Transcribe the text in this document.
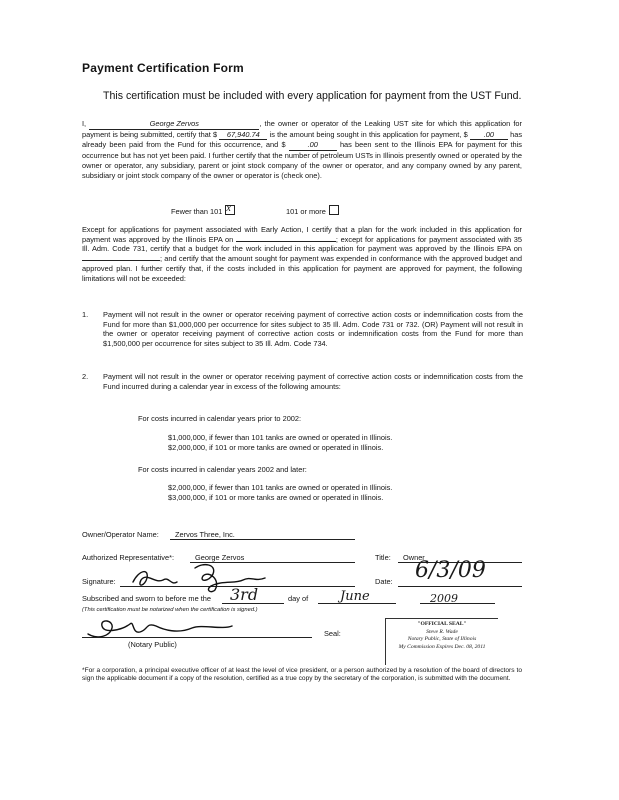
Payment Certification Form
This certification must be included with every application for payment from the UST Fund.

I,	George Zervos	, the owner or operator of the Leaking UST site for which this application for payment is being submitted, certify that $ 67,940.74 is the amount being sought in this application for payment, $ .00 has already been paid from the Fund for this occurrence, and $	.00	has been sent to the Illinois EPA for payment for this occurrence but has not yet been paid. I further certify that the number of petroleum USTs in Illinois presently owned or operated by the owner or operator, any subsidiary, parent or joint stock company of the owner or operator, and any company owned by any parent, subsidiary or joint stock company of the owner or operator is (check one).

Fewer than 101x	101 or more

Except for applications for payment associated with Early Action, I certify that a plan for the work included in this application for payment was approved by the Illinois EPA on	; except for applications for payment associated with 35 Ill. Adm. Code 731, certify that a budget for the work included in this application for payment was approved by the Illinois EPA on ; and certify that the amount sought for payment was expended in conformance with the approved budget and approved plan. I further certify that, if the costs included in this application for payment are approved for payment, the following limitations will not be exceeded:

1. Payment will not result in the owner or operator receiving payment of corrective action costs or indemnification costs from the Fund for more than $1,000,000 per occurrence for sites subject to 35 Ill. Adm. Code 731 or 732. (OR) Payment will not result in the owner or operator receiving payment of corrective action costs or indemnification costs from the Fund for more than $1,500,000 per occurrence for sites subject to 35 Ill. Adm. Code 734.
2. Payment will not result in the owner or operator receiving payment of corrective action costs or indemnification costs from the Fund incurred during a calendar year in excess of the following amounts:
For costs incurred in calendar years prior to 2002:
$1,000,000, if fewer than 101 tanks are owned or operated in Illinois.
$2,000,000, if 101 or more tanks are owned or operated in Illinois.
For costs incurred in calendar years 2002 and later:
$2,000,000, if fewer than 101 tanks are owned or operated in Illinois.
$3,000,000, if 101 or more tanks are owned or operated in Illinois.
Owner/Operator Name: Zervos Three, Inc.
Authorized Representative*:	George Zervos	Title: Owner
Signature:	Date: 6/3/09
Subscribed and sworn to before me the 3rd	day of June	2009
(This certification must be notarized when the certification is signed.)
(Notary Public)
Seal:
"OFFICIAL SEAL"
Steve R. Wade
Notary Public, State of Illinois
My Commission Expires Dec. 08, 2011
*For a corporation, a principal executive officer of at least the level of vice president, or a person authorized by a resolution of the board of directors to sign the applicable document if a copy of the resolution, certified as a true copy by the secretary of the corporation, is submitted with the document.
